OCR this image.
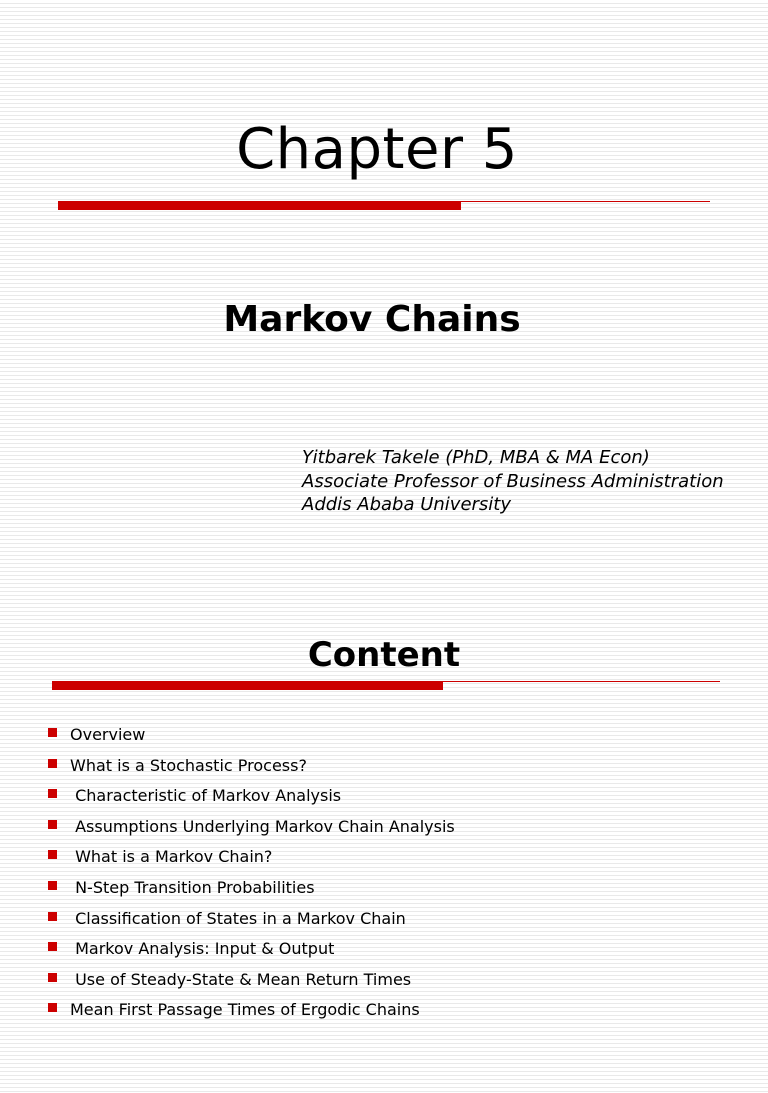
Chapter 5
Markov Chains
Yitbarek Takele (PhD, MBA & MA Econ)
Associate Professor of Business Administration
Addis Ababa University
Content

Overview

What is a Stochastic Process?

Characteristic of Markov Analysis

Assumptions Underlying Markov Chain Analysis

What is a Markov Chain?

N-Step Transition Probabilities

Classification of States in a Markov Chain

Markov Analysis: Input & Output

Use of Steady-State & Mean Return Times

Mean First Passage Times of Ergodic Chains
